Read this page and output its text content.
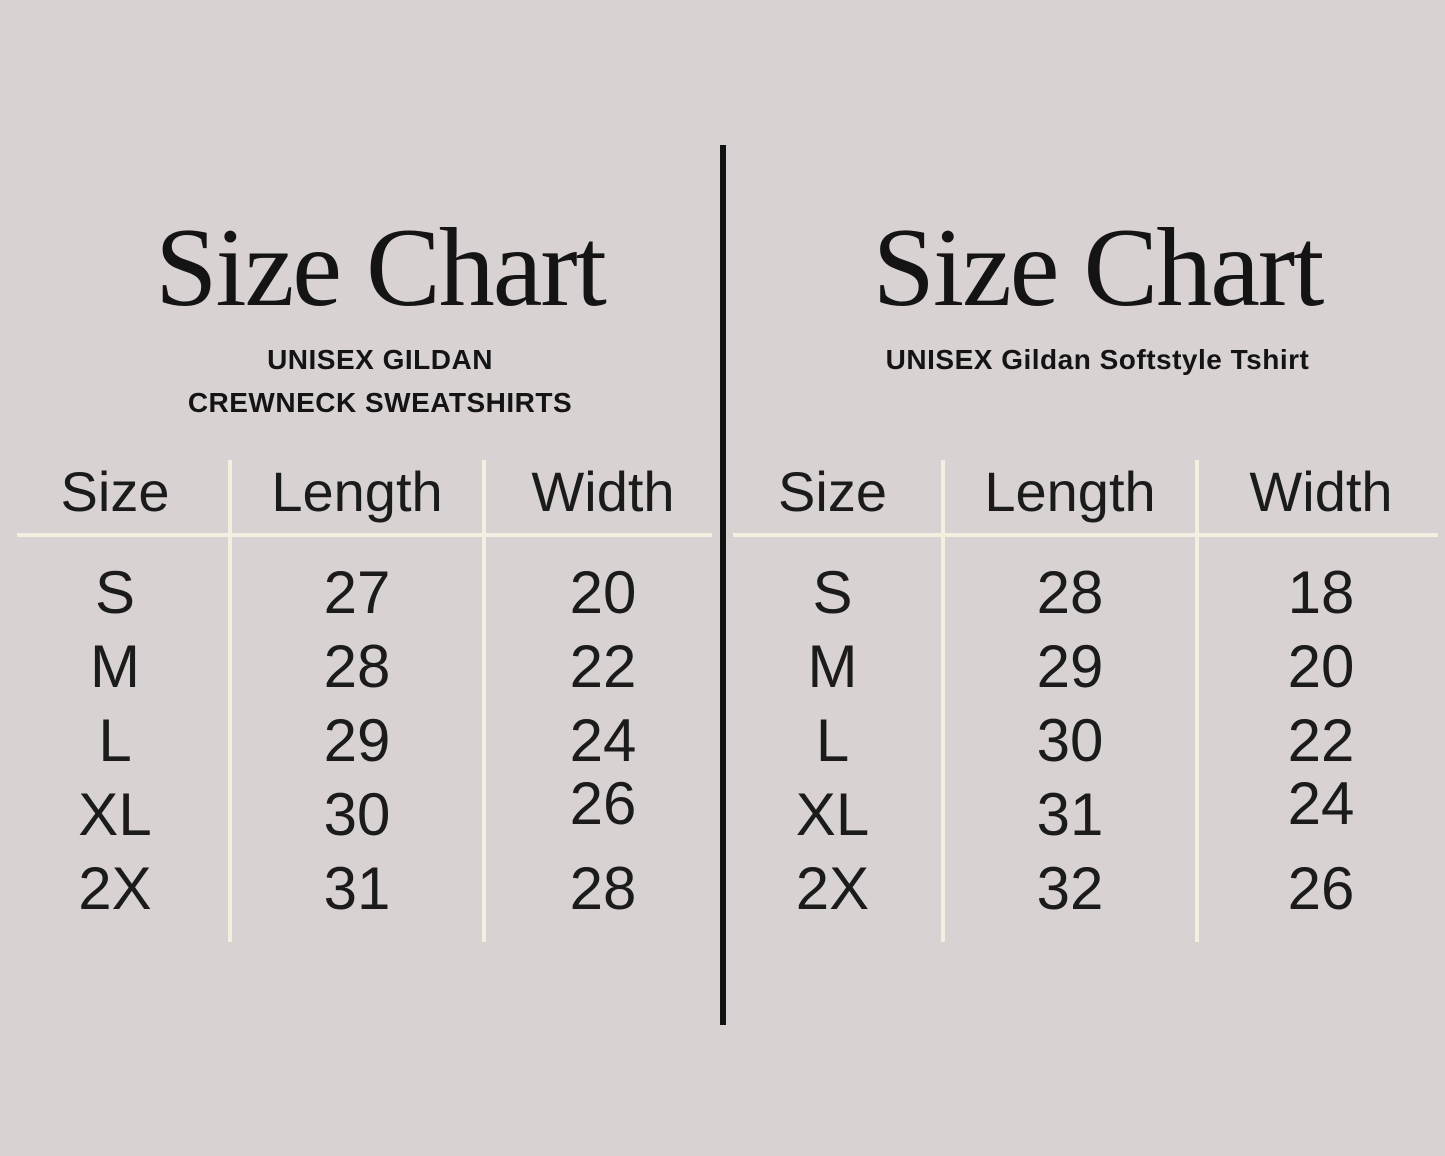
Size Chart
UNISEX GILDAN
CREWNECK SWEATSHIRTS
Size Chart
UNISEX Gildan Softstyle Tshirt
Size	Length	Width
S	27	20
M	28	22
L	29	24
XL	30	26
2X	31	28
Size	Length	Width
S	28	18
M	29	20
L	30	22
XL	31	24
2X	32	26
